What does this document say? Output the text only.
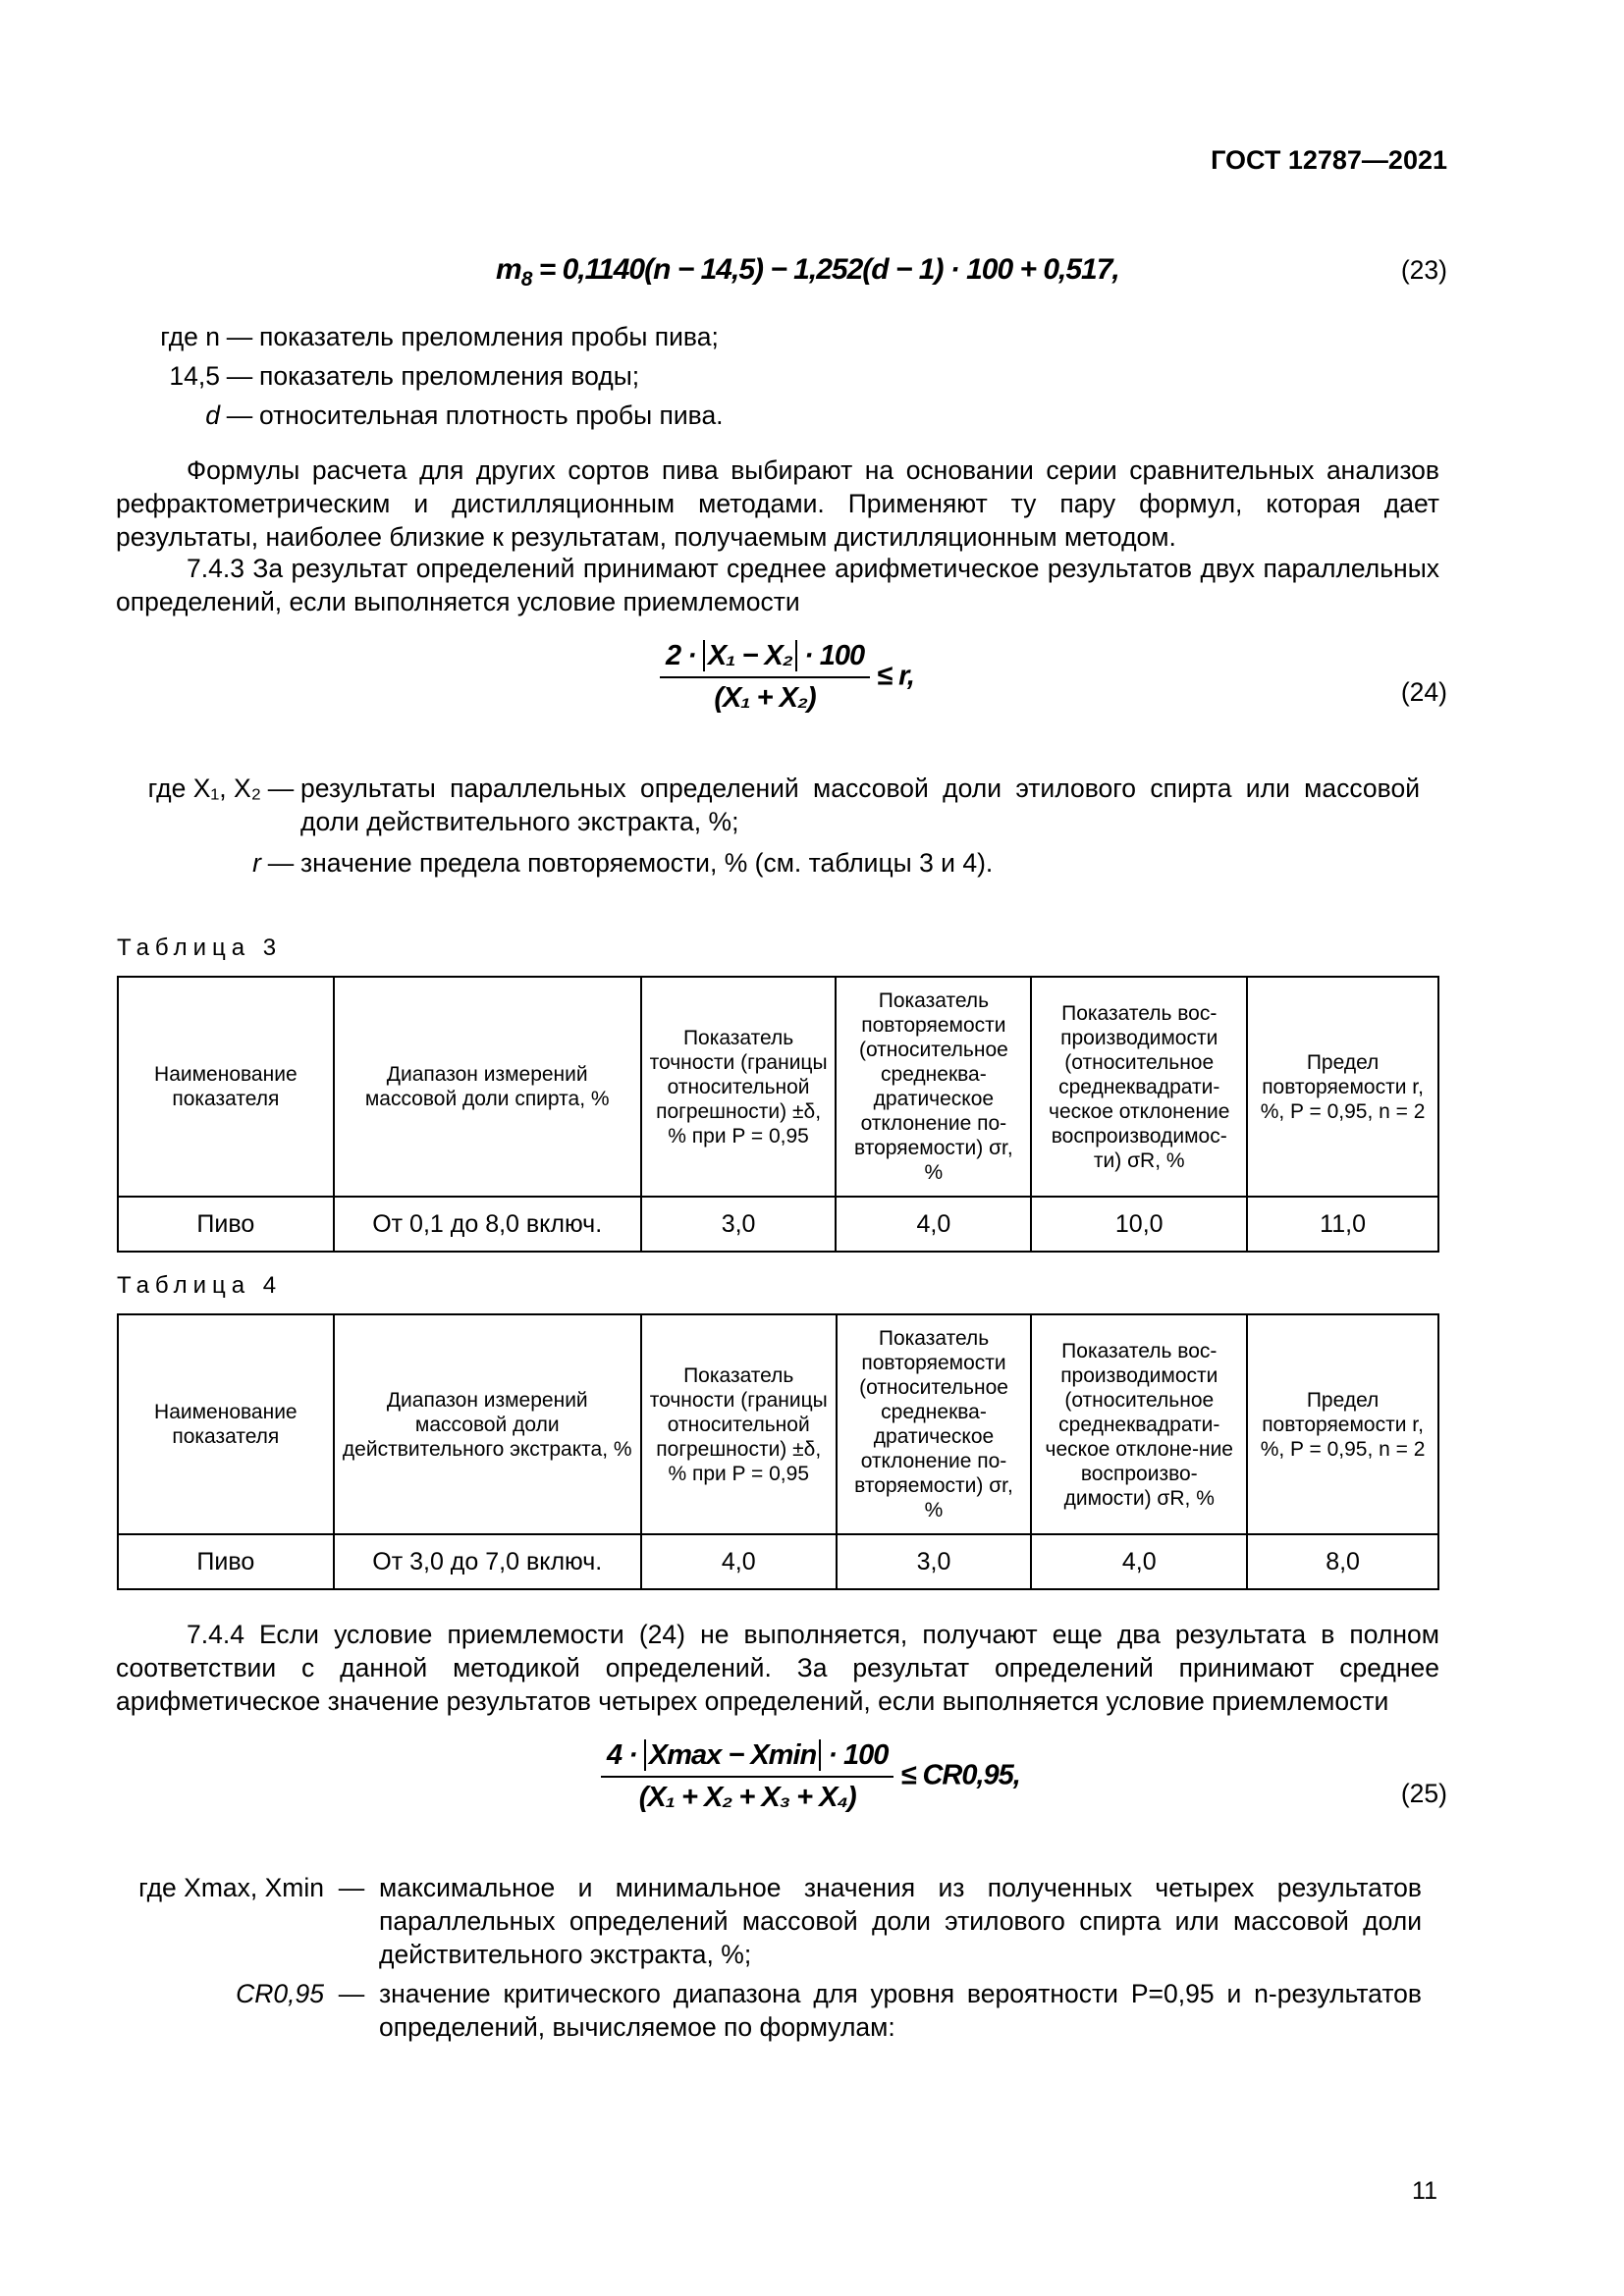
ГОСТ 12787—2021
$m_8 = 0,1140(n - 14,5) - 1,252(d - 1) \cdot 100 + 0,517$,	(23)
где n — показатель преломления пробы пива;
14,5 — показатель преломления воды;
d — относительная плотность пробы пива.
Формулы расчета для других сортов пива выбирают на основании серии сравнительных анализов рефрактометрическим и дистилляционным методами. Применяют ту пару формул, которая дает результаты, наиболее близкие к результатам, получаемым дистилляционным методом.
7.4.3 За результат определений принимают среднее арифметическое результатов двух параллельных определений, если выполняется условие приемлемости
$\frac{\text{2 · X₁ − X₂ · 100}}{\text{(X₁ + X₂)}} \le r$,
(24)
где X₁, X₂ — результаты параллельных определений массовой доли этилового спирта или массовой доли действительного экстракта, %;
r — значение предела повторяемости, % (см. таблицы 3 и 4).
Таблица 3
Наименование показателя	Диапазон измерений массовой доли спирта, %	Показатель точности (границы относительной погрешности) ±δ, % при P = 0,95	Показатель повторяемости (относительное среднеква-дратическое отклонение по-вторяемости) σr, %	Показатель вос-производимости (относительное среднеквадрати-ческое отклонение воспроизводимос-ти) σR, %	Предел повторяемости r, %, P = 0,95, n = 2
Пиво	От 0,1 до 8,0 включ.	3,0	4,0	10,0	11,0
Таблица 4
Наименование показателя	Диапазон измерений массовой доли действительного экстракта, %	Показатель точности (границы относительной погрешности) ±δ, % при P = 0,95	Показатель повторяемости (относительное среднеква-дратическое отклонение по-вторяемости) σr, %	Показатель вос-производимости (относительное среднеквадрати-ческое отклоне-ние воспроизво-димости) σR, %	Предел повторяемости r, %, P = 0,95, n = 2
Пиво	От 3,0 до 7,0 включ.	4,0	3,0	4,0	8,0
7.4.4 Если условие приемлемости (24) не выполняется, получают еще два результата в полном соответствии с данной методикой определений. За результат определений принимают среднее арифметическое значение результатов четырех определений, если выполняется условие приемлемости
$\frac{4 \cdot Xmax - Xmin \cdot 100}{\text{(X₁ + X₂ + X₃ + X₄)}} \le CR0,95$,
(25)
где Xmax, Xmin — максимальное и минимальное значения из полученных четырех результатов параллельных определений массовой доли этилового спирта или массовой доли действительного экстракта, %;
CR0,95 — значение критического диапазона для уровня вероятности P=0,95 и n-результатов определений, вычисляемое по формулам:
11
